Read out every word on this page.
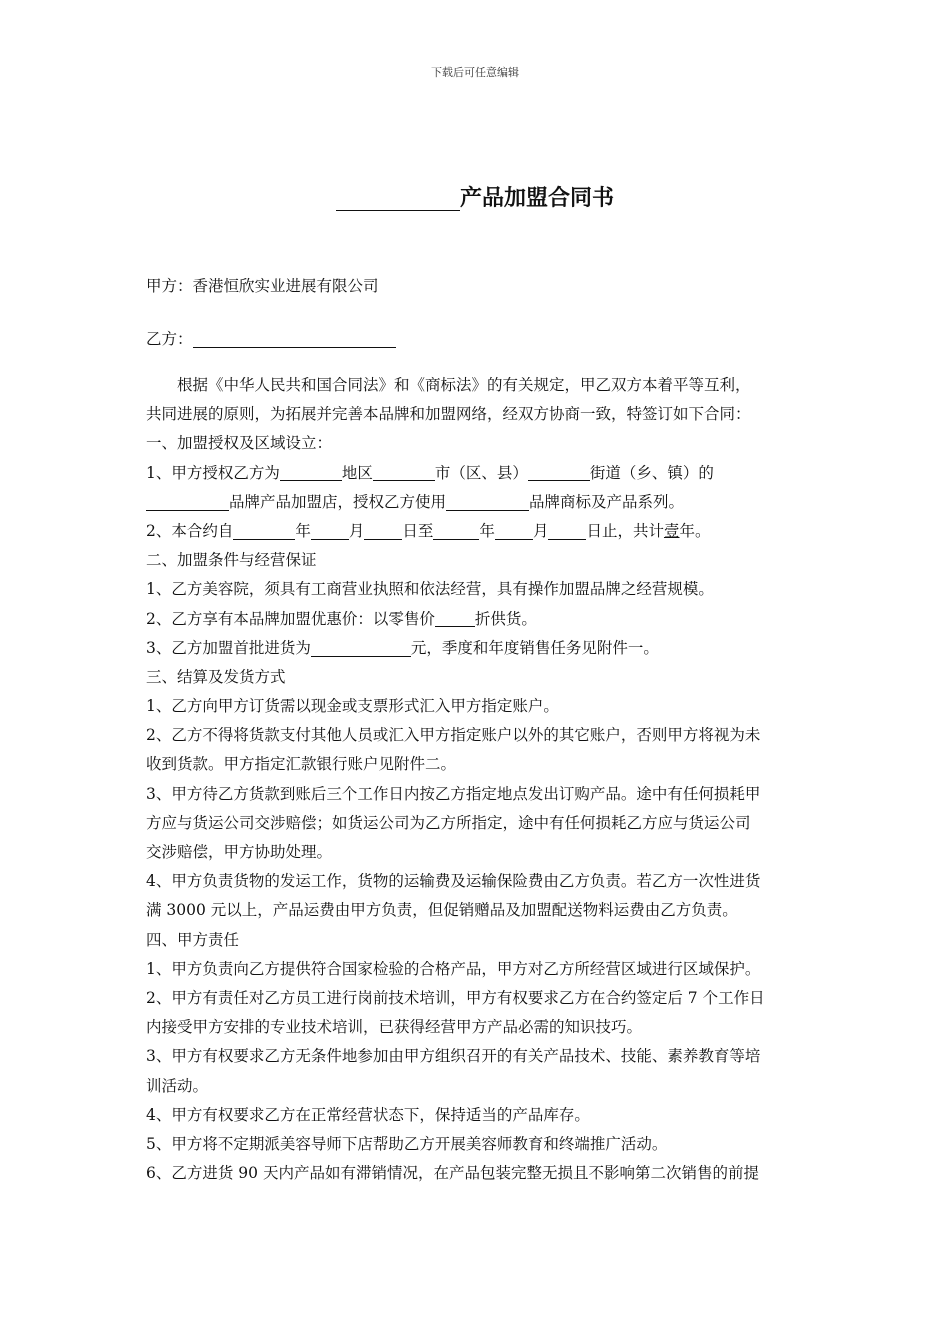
下载后可任意编辑
产品加盟合同书
甲方：香港恒欣实业进展有限公司
乙方：
根据《中华人民共和国合同法》和《商标法》的有关规定，甲乙双方本着平等互利，
共同进展的原则，为拓展并完善本品牌和加盟网络，经双方协商一致，特签订如下合同：
一、加盟授权及区域设立：
1、甲方授权乙方为	地区	市（区、县）	街道（乡、镇）的
品牌产品加盟店，授权乙方使用	品牌商标及产品系列。
2、本合约自	年 月 日至	年 月 日止，共计壹年。
二、加盟条件与经营保证
1、乙方美容院，须具有工商营业执照和依法经营，具有操作加盟品牌之经营规模。
2、乙方享有本品牌加盟优惠价：以零售价	折供货。
3、乙方加盟首批进货为	元，季度和年度销售任务见附件一。
三、结算及发货方式
1、乙方向甲方订货需以现金或支票形式汇入甲方指定账户。
2、乙方不得将货款支付其他人员或汇入甲方指定账户以外的其它账户，否则甲方将视为未
收到货款。甲方指定汇款银行账户见附件二。
3、甲方待乙方货款到账后三个工作日内按乙方指定地点发出订购产品。途中有任何损耗甲
方应与货运公司交涉赔偿；如货运公司为乙方所指定，途中有任何损耗乙方应与货运公司
交涉赔偿，甲方协助处理。
4、甲方负责货物的发运工作，货物的运输费及运输保险费由乙方负责。若乙方一次性进货
满 3000 元以上，产品运费由甲方负责，但促销赠品及加盟配送物料运费由乙方负责。
四、甲方责任
1、甲方负责向乙方提供符合国家检验的合格产品，甲方对乙方所经营区域进行区域保护。
2、甲方有责任对乙方员工进行岗前技术培训，甲方有权要求乙方在合约签定后 7 个工作日
内接受甲方安排的专业技术培训，已获得经营甲方产品必需的知识技巧。
3、甲方有权要求乙方无条件地参加由甲方组织召开的有关产品技术、技能、素养教育等培
训活动。
4、甲方有权要求乙方在正常经营状态下，保持适当的产品库存。
5、甲方将不定期派美容导师下店帮助乙方开展美容师教育和终端推广活动。
6、乙方进货 90 天内产品如有滞销情况，在产品包装完整无损且不影响第二次销售的前提
